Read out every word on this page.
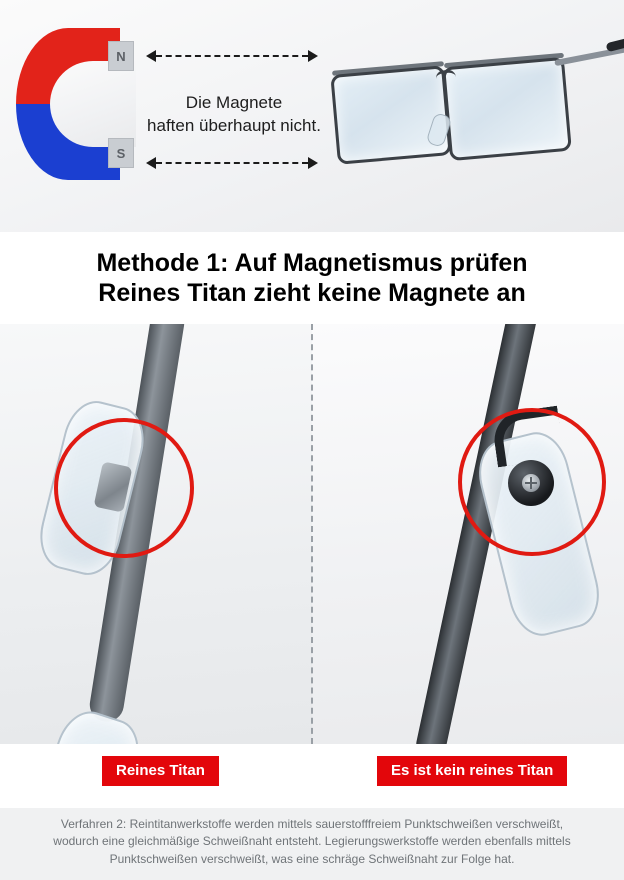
N
S
Die Magnete
haften überhaupt nicht.
Methode 1: Auf Magnetismus prüfen
Reines Titan zieht keine Magnete an
Reines Titan	Es ist kein reines Titan
Verfahren 2: Reintitanwerkstoffe werden mittels sauerstofffreiem Punktschweißen verschweißt,
wodurch eine gleichmäßige Schweißnaht entsteht. Legierungswerkstoffe werden ebenfalls mittels
Punktschweißen verschweißt, was eine schräge Schweißnaht zur Folge hat.
